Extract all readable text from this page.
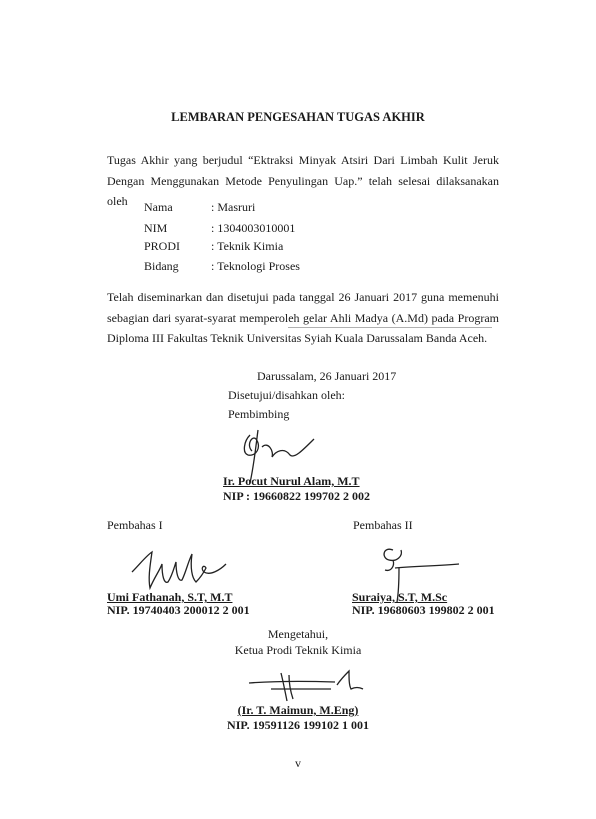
LEMBARAN PENGESAHAN TUGAS AKHIR
Tugas Akhir yang berjudul “Ektraksi Minyak Atsiri Dari Limbah Kulit Jeruk
Dengan Menggunakan Metode Penyulingan Uap.” telah selesai dilaksanakan oleh	Nama	: Masruri
NIM	: 1304003010001
PRODI	: Teknik Kimia
Bidang	: Teknologi Proses
Telah diseminarkan dan disetujui pada tanggal 26 Januari 2017 guna memenuhi
sebagian dari syarat-syarat memperoleh gelar Ahli Madya (A.Md) pada Program
Diploma III Fakultas Teknik Universitas Syiah Kuala Darussalam Banda Aceh.
Darussalam, 26 Januari 2017
Disetujui/disahkan oleh:
Pembimbing
Ir. Pocut Nurul Alam, M.T
NIP : 19660822 199702 2 002
Pembahas I	Pembahas II
Umi Fathanah, S.T, M.T
NIP. 19740403 200012 2 001
Suraiya, S.T, M.Sc
NIP. 19680603 199802 2 001
Mengetahui,
Ketua Prodi Teknik Kimia
(Ir. T. Maimun, M.Eng)
NIP. 19591126 199102 1 001
v
